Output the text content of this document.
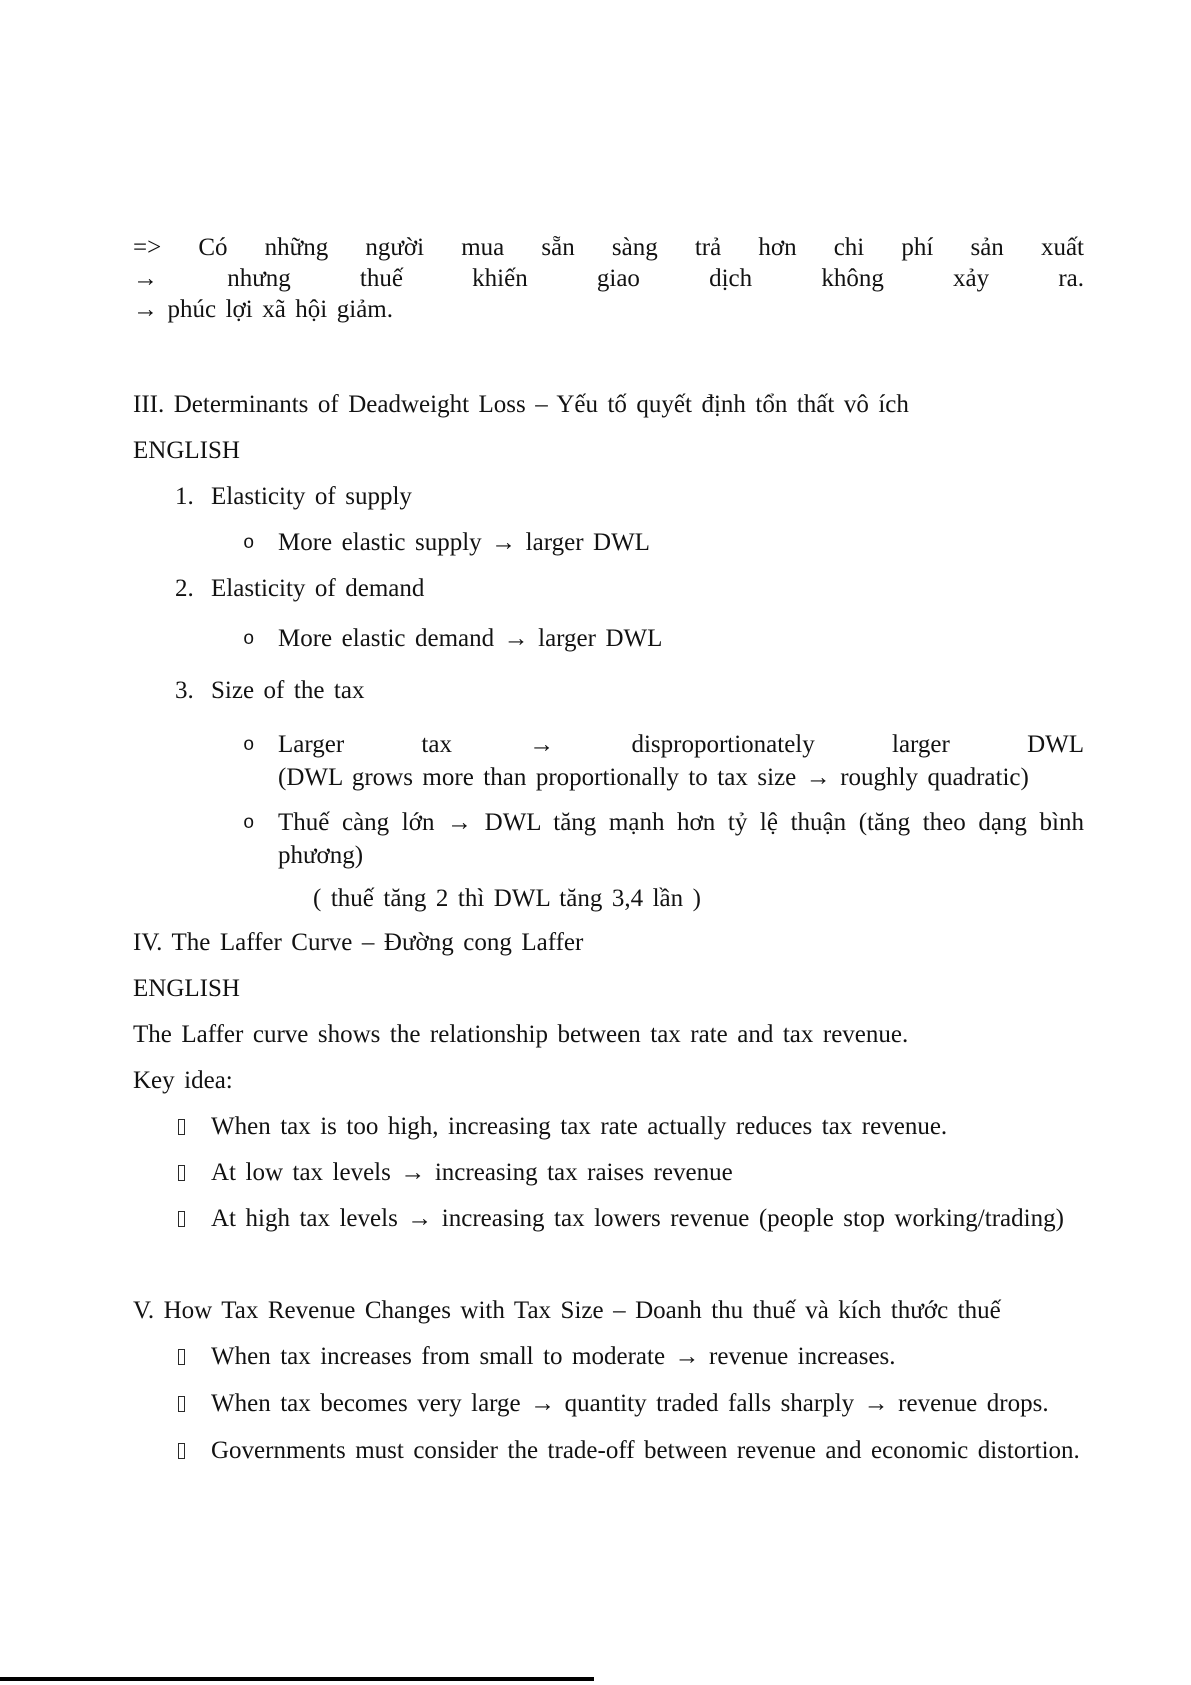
=> Có những người mua sẵn sàng trả hơn chi phí sản xuất
→ nhưng thuế khiến giao dịch không xảy ra.
→ phúc lợi xã hội giảm.
III. Determinants of Deadweight Loss – Yếu tố quyết định tổn thất vô ích
ENGLISH
1. Elasticity of supply
o More elastic supply → larger DWL
2. Elasticity of demand
o More elastic demand → larger DWL
3. Size of the tax
o Larger tax → disproportionately larger DWL
(DWL grows more than proportionally to tax size → roughly quadratic)
o Thuế càng lớn → DWL tăng mạnh hơn tỷ lệ thuận (tăng theo dạng bình
phương)
( thuế tăng 2 thì DWL tăng 3,4 lần )
IV. The Laffer Curve – Đường cong Laffer
ENGLISH
The Laffer curve shows the relationship between tax rate and tax revenue.
Key idea:
When tax is too high, increasing tax rate actually reduces tax revenue.
At low tax levels → increasing tax raises revenue
At high tax levels → increasing tax lowers revenue (people stop working/trading)
V. How Tax Revenue Changes with Tax Size – Doanh thu thuế và kích thước thuế
When tax increases from small to moderate → revenue increases.
When tax becomes very large → quantity traded falls sharply → revenue drops.
Governments must consider the trade-off between revenue and economic distortion.
